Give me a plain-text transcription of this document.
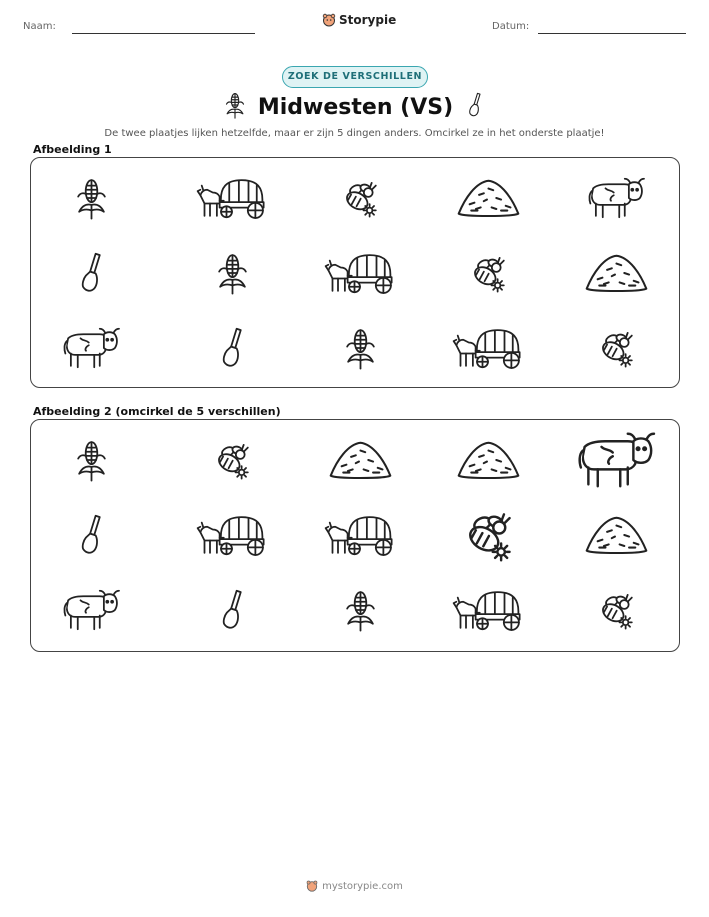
Naam:	Storypie	Datum:
ZOEK DE VERSCHILLEN
Midwesten (VS)
De twee plaatjes lijken hetzelfde, maar er zijn 5 dingen anders. Omcirkel ze in het onderste plaatje!
Afbeelding 1
Afbeelding 2 (omcirkel de 5 verschillen)
mystorypie.com
